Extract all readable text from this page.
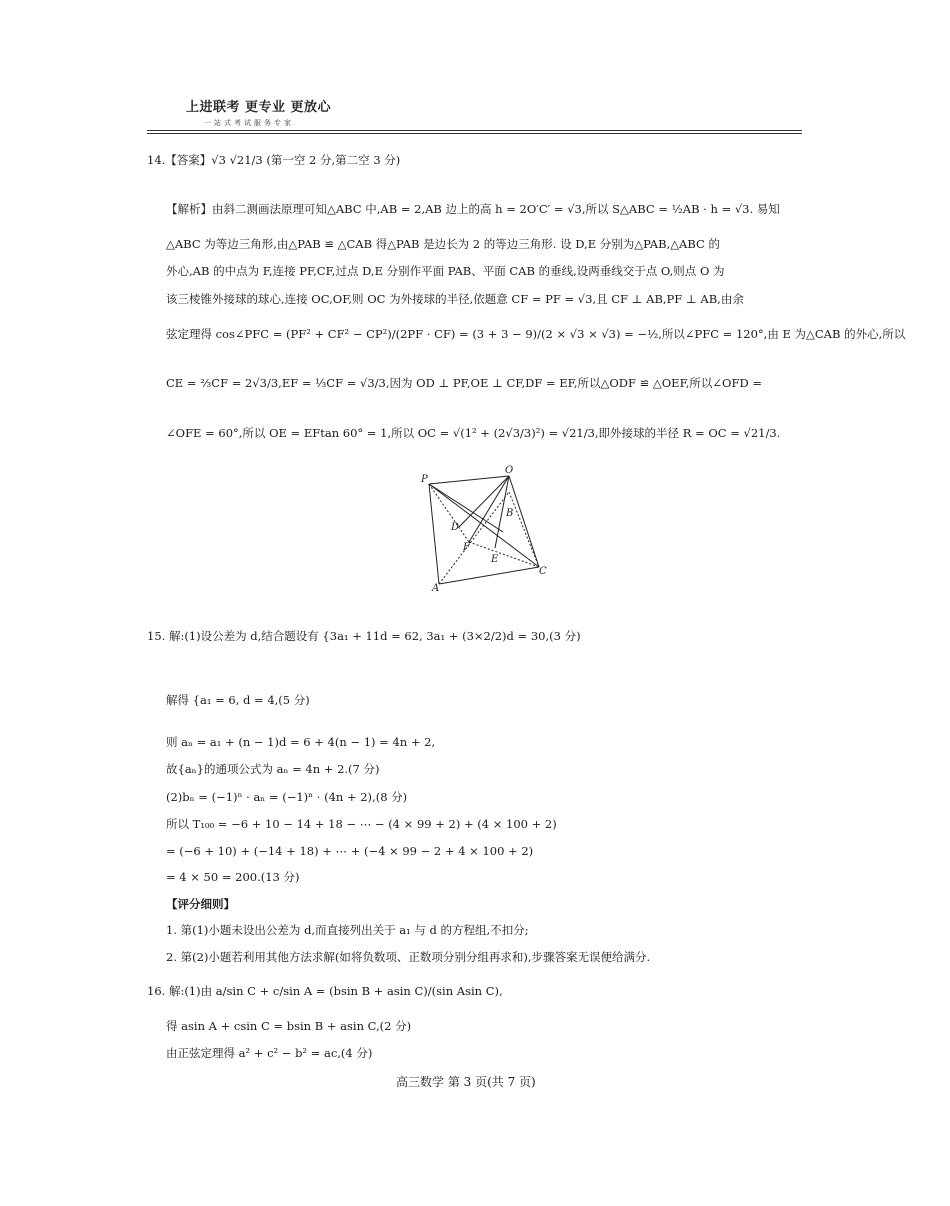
上进联考 更专业 更放心
一站式考试服务专家
14.【答案】√3 √21/3 (第一空 2 分,第二空 3 分)
【解析】由斜二测画法原理可知△ABC 中,AB = 2,AB 边上的高 h = 2O′C′ = √3,所以 S△ABC = ½AB · h = √3. 易知
△ABC 为等边三角形,由△PAB ≌ △CAB 得△PAB 是边长为 2 的等边三角形. 设 D,E 分别为△PAB,△ABC 的
外心,AB 的中点为 F,连接 PF,CF,过点 D,E 分别作平面 PAB、平面 CAB 的垂线,设两垂线交于点 O,则点 O 为
该三棱锥外接球的球心,连接 OC,OF,则 OC 为外接球的半径,依题意 CF = PF = √3,且 CF ⊥ AB,PF ⊥ AB,由余
弦定理得 cos∠PFC = (PF² + CF² − CP²)/(2PF · CF) = (3 + 3 − 9)/(2 × √3 × √3) = −½,所以∠PFC = 120°,由 E 为△CAB 的外心,所以
CE = ⅔CF = 2√3/3,EF = ⅓CF = √3/3,因为 OD ⊥ PF,OE ⊥ CF,DF = EF,所以△ODF ≌ △OEF,所以∠OFD =
∠OFE = 60°,所以 OE = EFtan 60° = 1,所以 OC = √(1² + (2√3/3)²) = √21/3,即外接球的半径 R = OC = √21/3.
P
O
B
D
F
E
C
A
15. 解:(1)设公差为 d,结合题设有 {3a₁ + 11d = 62, 3a₁ + (3×2/2)d = 30,(3 分)
解得 {a₁ = 6, d = 4,(5 分)
则 aₙ = a₁ + (n − 1)d = 6 + 4(n − 1) = 4n + 2,
故{aₙ}的通项公式为 aₙ = 4n + 2.(7 分)
(2)bₙ = (−1)ⁿ · aₙ = (−1)ⁿ · (4n + 2),(8 分)
所以 T₁₀₀ = −6 + 10 − 14 + 18 − ⋯ − (4 × 99 + 2) + (4 × 100 + 2)
= (−6 + 10) + (−14 + 18) + ⋯ + (−4 × 99 − 2 + 4 × 100 + 2)
= 4 × 50 = 200.(13 分)
【评分细则】
1. 第(1)小题未设出公差为 d,而直接列出关于 a₁ 与 d 的方程组,不扣分;
2. 第(2)小题若利用其他方法求解(如将负数项、正数项分别分组再求和),步骤答案无误便给满分.
16. 解:(1)由 a/sin C + c/sin A = (bsin B + asin C)/(sin Asin C),
得 asin A + csin C = bsin B + asin C,(2 分)
由正弦定理得 a² + c² − b² = ac,(4 分)
高三数学 第 3 页(共 7 页)
